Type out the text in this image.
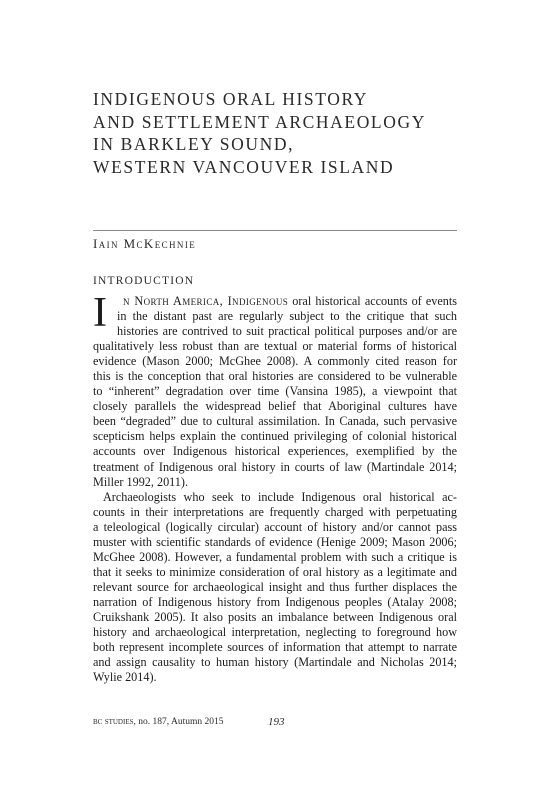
INDIGENOUS ORAL HISTORY
AND SETTLEMENT ARCHAEOLOGY
IN BARKLEY SOUND,
WESTERN VANCOUVER ISLAND
Iain McKechnie
INTRODUCTION
I	n North America, Indigenous oral historical accounts of events
in the distant past are regularly subject to the critique that such
histories are contrived to suit practical political purposes and/or are
qualitatively less robust than are textual or material forms of historical
evidence (Mason 2000; McGhee 2008). A commonly cited reason for
this is the conception that oral histories are considered to be vulnerable
to “inherent” degradation over time (Vansina 1985), a viewpoint that
closely parallels the widespread belief that Aboriginal cultures have
been “degraded” due to cultural assimilation. In Canada, such pervasive
scepticism helps explain the continued privileging of colonial historical
accounts over Indigenous historical experiences, exemplified by the
treatment of Indigenous oral history in courts of law (Martindale 2014;
Miller 1992, 2011).
Archaeologists who seek to include Indigenous oral historical ac-
counts in their interpretations are frequently charged with perpetuating
a teleological (logically circular) account of history and/or cannot pass
muster with scientific standards of evidence (Henige 2009; Mason 2006;
McGhee 2008). However, a fundamental problem with such a critique is
that it seeks to minimize consideration of oral history as a legitimate and
relevant source for archaeological insight and thus further displaces the
narration of Indigenous history from Indigenous peoples (Atalay 2008;
Cruikshank 2005). It also posits an imbalance between Indigenous oral
history and archaeological interpretation, neglecting to foreground how
both represent incomplete sources of information that attempt to narrate
and assign causality to human history (Martindale and Nicholas 2014;
Wylie 2014).
bc studies, no. 187, Autumn 2015	193
